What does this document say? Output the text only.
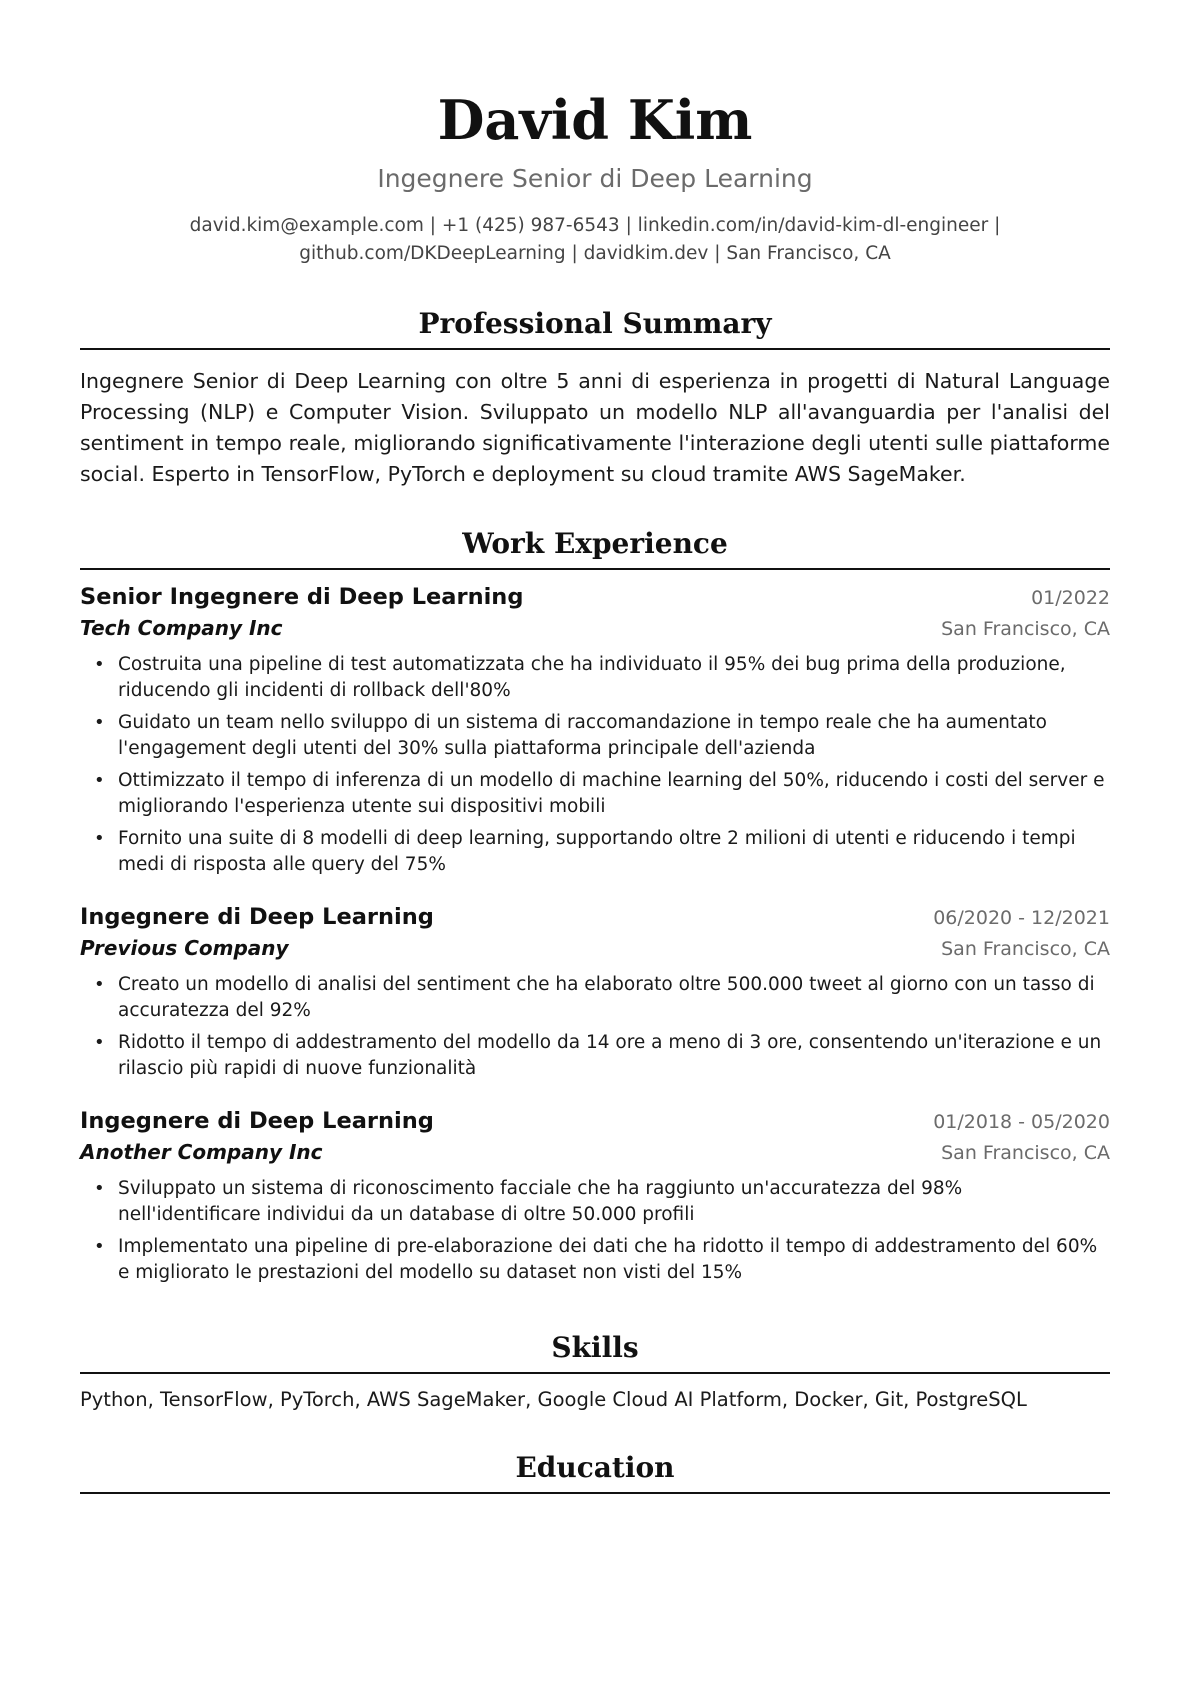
David Kim
Ingegnere Senior di Deep Learning
david.kim@example.com | +1 (425) 987-6543 | linkedin.com/in/david-kim-dl-engineer |
github.com/DKDeepLearning | davidkim.dev | San Francisco, CA
Professional Summary
Ingegnere Senior di Deep Learning con oltre 5 anni di esperienza in progetti di Natural Language Processing (NLP) e Computer Vision. Sviluppato un modello NLP all'avanguardia per l'analisi del sentiment in tempo reale, migliorando significativamente l'interazione degli utenti sulle piattaforme social. Esperto in TensorFlow, PyTorch e deployment su cloud tramite AWS SageMaker.
Work Experience
Senior Ingegnere di Deep Learning	01/2022
Tech Company Inc	San Francisco, CA
• Costruita una pipeline di test automatizzata che ha individuato il 95% dei bug prima della produzione, riducendo gli incidenti di rollback dell'80%
• Guidato un team nello sviluppo di un sistema di raccomandazione in tempo reale che ha aumentato l'engagement degli utenti del 30% sulla piattaforma principale dell'azienda
• Ottimizzato il tempo di inferenza di un modello di machine learning del 50%, riducendo i costi del server e migliorando l'esperienza utente sui dispositivi mobili
• Fornito una suite di 8 modelli di deep learning, supportando oltre 2 milioni di utenti e riducendo i tempi medi di risposta alle query del 75%
Ingegnere di Deep Learning	06/2020 - 12/2021
Previous Company	San Francisco, CA
• Creato un modello di analisi del sentiment che ha elaborato oltre 500.000 tweet al giorno con un tasso di accuratezza del 92%
• Ridotto il tempo di addestramento del modello da 14 ore a meno di 3 ore, consentendo un'iterazione e un rilascio più rapidi di nuove funzionalità
Ingegnere di Deep Learning	01/2018 - 05/2020
Another Company Inc	San Francisco, CA
• Sviluppato un sistema di riconoscimento facciale che ha raggiunto un'accuratezza del 98% nell'identificare individui da un database di oltre 50.000 profili
• Implementato una pipeline di pre-elaborazione dei dati che ha ridotto il tempo di addestramento del 60% e migliorato le prestazioni del modello su dataset non visti del 15%
Skills
Python, TensorFlow, PyTorch, AWS SageMaker, Google Cloud AI Platform, Docker, Git, PostgreSQL
Education
